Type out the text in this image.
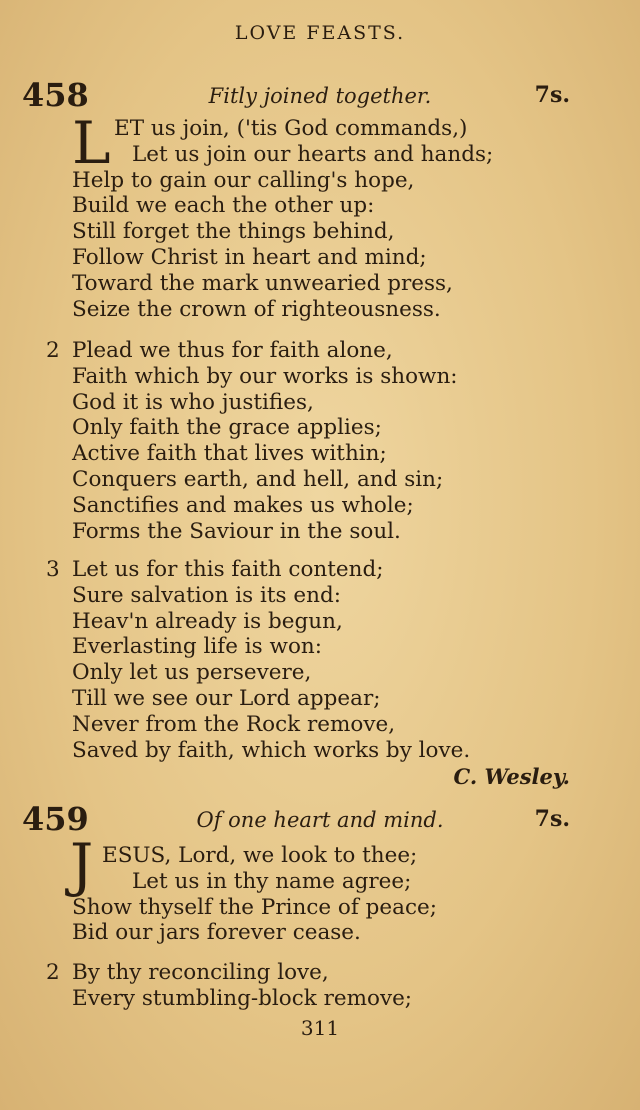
LOVE FEASTS.
458	Fitly joined together.	7s.
L ET us join, ('tis God commands,)
Let us join our hearts and hands;
Help to gain our calling's hope,
Build we each the other up:
Still forget the things behind,
Follow Christ in heart and mind;
Toward the mark unwearied press,
Seize the crown of righteousness.
2 Plead we thus for faith alone,
Faith which by our works is shown:
God it is who justifies,
Only faith the grace applies;
Active faith that lives within;
Conquers earth, and hell, and sin;
Sanctifies and makes us whole;
Forms the Saviour in the soul.
3 Let us for this faith contend;
Sure salvation is its end:
Heav'n already is begun,
Everlasting life is won:
Only let us persevere,
Till we see our Lord appear;
Never from the Rock remove,
Saved by faith, which works by love.
C. Wesley.
459	Of one heart and mind.	7s.
J ESUS, Lord, we look to thee;
Let us in thy name agree;
Show thyself the Prince of peace;
Bid our jars forever cease.
2 By thy reconciling love,
Every stumbling-block remove;
311
